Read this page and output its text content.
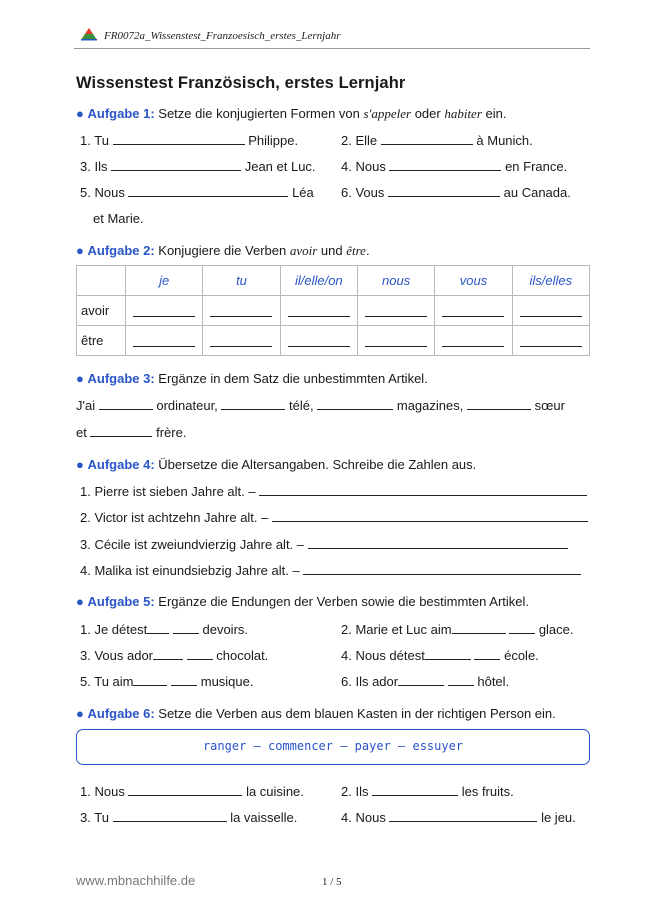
FR0072a_Wissenstest_Franzoesisch_erstes_Lernjahr
Wissenstest Französisch, erstes Lernjahr
● Aufgabe 1: Setze die konjugierten Formen von s'appeler oder habiter ein.
1. Tu	Philippe.	2. Elle	à Munich.
3. Ils	Jean et Luc. 4. Nous	en France.
5. Nous	Léa 6. Vous	au Canada.
et Marie.
● Aufgabe 2: Konjugiere die Verben avoir und être.
	je	tu	il/elle/on	nous	vous	ils/elles
avoir	

être	

● Aufgabe 3: Ergänze in dem Satz die unbestimmten Artikel.
J'ai	ordinateur,	télé,	magazines,	sœur
et	frère.
● Aufgabe 4: Übersetze die Altersangaben. Schreibe die Zahlen aus.
1. Pierre ist sieben Jahre alt. –
2. Victor ist achtzehn Jahre alt. –
3. Cécile ist zweiundvierzig Jahre alt. –
4. Malika ist einundsiebzig Jahre alt. –
● Aufgabe 5: Ergänze die Endungen der Verben sowie die bestimmten Artikel.
1. Je détest	devoirs.	2. Marie et Luc aim	glace.
3. Vous ador	chocolat.	4. Nous détest	école.
5. Tu aim	musique.	6. Ils ador	hôtel.
● Aufgabe 6: Setze die Verben aus dem blauen Kasten in der richtigen Person ein.
ranger – commencer – payer – essuyer
1. Nous	la cuisine.	2. Ils	les fruits.
3. Tu	la vaisselle.	4. Nous	le jeu.
www.mbnachhilfe.de	1 / 5
